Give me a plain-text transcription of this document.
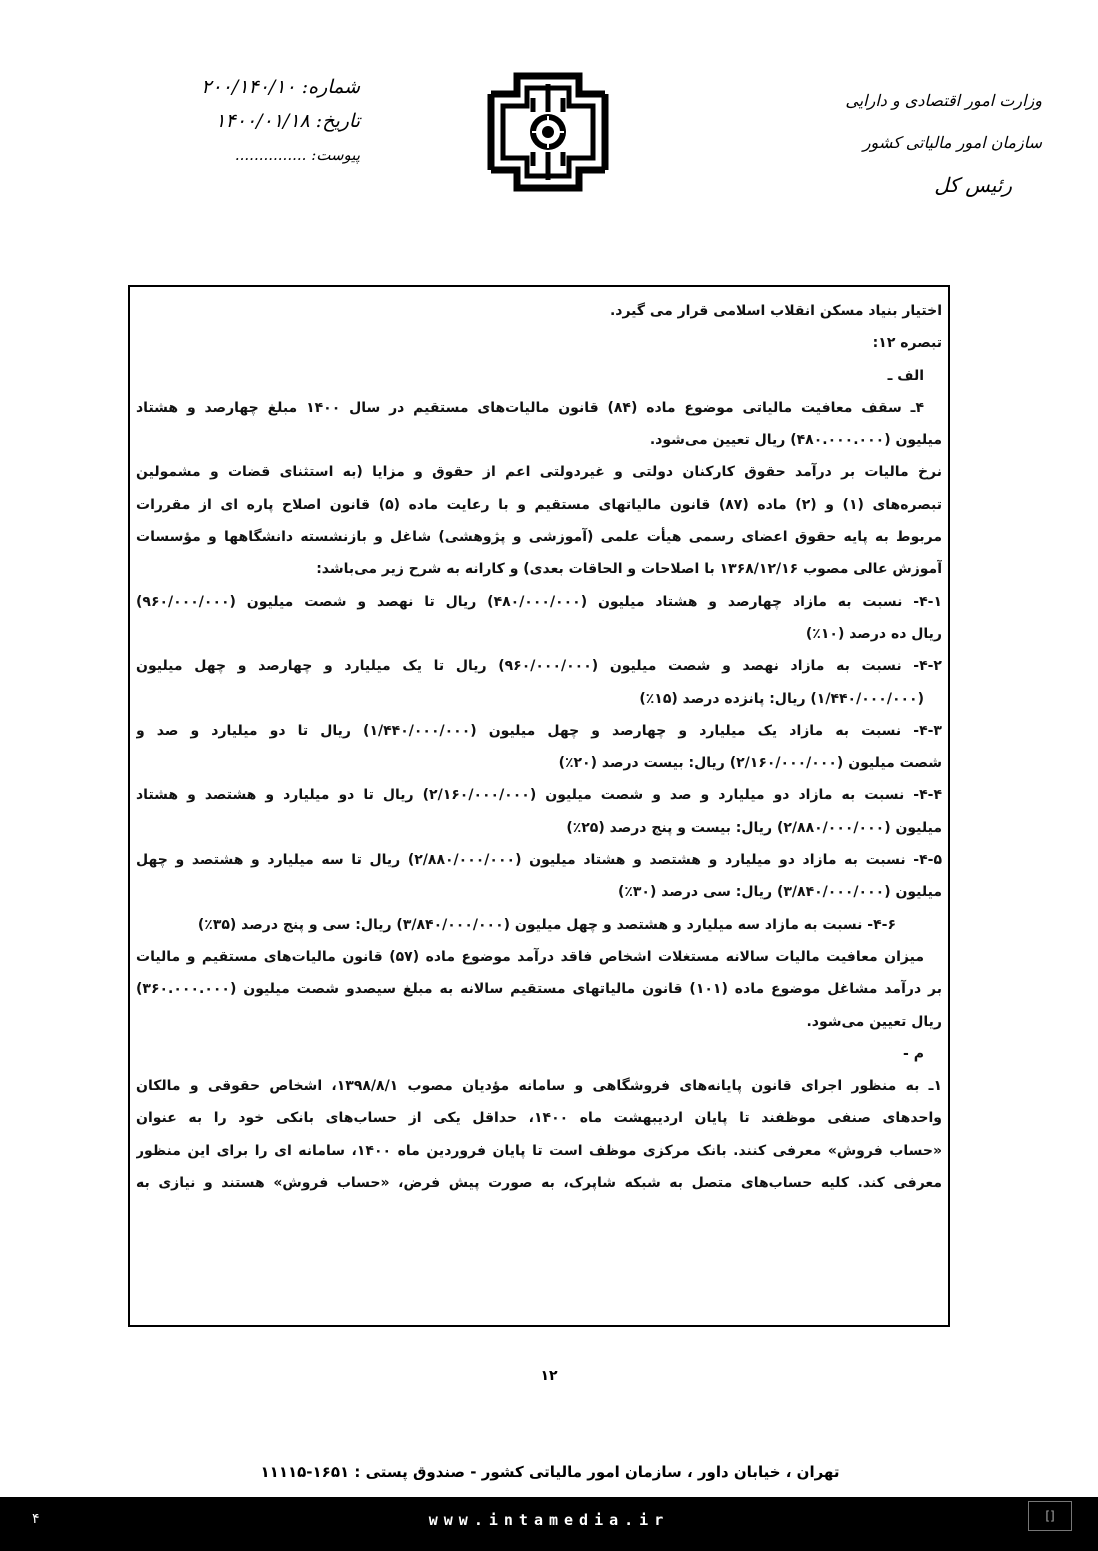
وزارت امور اقتصادی و دارایی
سازمان امور مالیاتی کشور
رئیس کل
شماره: ۲۰۰/۱۴۰/۱۰
تاریخ: ۱۴۰۰/۰۱/۱۸
پیوست: ...............
اختیار بنیاد مسکن انقلاب اسلامی قرار می گیرد.
تبصره ۱۲:
الف ـ
۴ـ سقف معافیت مالیاتی موضوع ماده (۸۴) قانون مالیات‌های مستقیم در سال ۱۴۰۰ مبلغ چهارصد و هشتاد
میلیون (۴۸۰.۰۰۰.۰۰۰) ریال تعیین می‌شود.
نرخ مالیات بر درآمد حقوق کارکنان دولتی و غیردولتی اعم از حقوق و مزایا (به استثنای قضات و مشمولین
تبصره‌های (۱) و (۲) ماده (۸۷) قانون مالیاتهای مستقیم و با رعایت ماده (۵) قانون اصلاح پاره ای از مقررات
مربوط به پایه حقوق اعضای رسمی هیأت علمی (آموزشی و پژوهشی) شاغل و بازنشسته دانشگاهها و مؤسسات
آموزش عالی مصوب ۱۳۶۸/۱۲/۱۶ با اصلاحات و الحاقات بعدی) و کارانه به شرح زیر می‌باشد:
۴-۱- نسبت به مازاد چهارصد و هشتاد میلیون (۴۸۰/۰۰۰/۰۰۰) ریال تا نهصد و شصت میلیون (۹۶۰/۰۰۰/۰۰۰)
ریال ده درصد (۱۰٪)
۴-۲- نسبت به مازاد نهصد و شصت میلیون (۹۶۰/۰۰۰/۰۰۰) ریال تا یک میلیارد و چهارصد و چهل میلیون
(۱/۴۴۰/۰۰۰/۰۰۰) ریال: پانزده درصد (۱۵٪)
۴-۳- نسبت به مازاد یک میلیارد و چهارصد و چهل میلیون (۱/۴۴۰/۰۰۰/۰۰۰) ریال تا دو میلیارد و صد و
شصت میلیون (۲/۱۶۰/۰۰۰/۰۰۰) ریال: بیست درصد (۲۰٪)
۴-۴- نسبت به مازاد دو میلیارد و صد و شصت میلیون (۲/۱۶۰/۰۰۰/۰۰۰) ریال تا دو میلیارد و هشتصد و هشتاد
میلیون (۲/۸۸۰/۰۰۰/۰۰۰) ریال: بیست و پنج درصد (۲۵٪)
۴-۵- نسبت به مازاد دو میلیارد و هشتصد و هشتاد میلیون (۲/۸۸۰/۰۰۰/۰۰۰) ریال تا سه میلیارد و هشتصد و چهل
میلیون (۳/۸۴۰/۰۰۰/۰۰۰) ریال: سی درصد (۳۰٪)
۴-۶- نسبت به مازاد سه میلیارد و هشتصد و چهل میلیون (۳/۸۴۰/۰۰۰/۰۰۰) ریال: سی و پنج درصد (۳۵٪)
میزان معافیت مالیات سالانه مستغلات اشخاص فاقد درآمد موضوع ماده (۵۷) قانون مالیات‌های مستقیم و مالیات
بر درآمد مشاغل موضوع ماده (۱۰۱) قانون مالیاتهای مستقیم سالانه به مبلغ سیصدو شصت میلیون (۳۶۰.۰۰۰.۰۰۰)
ریال تعیین می‌شود.
م -
۱ـ به منظور اجرای قانون پایانه‌های فروشگاهی و سامانه مؤدیان مصوب ۱۳۹۸/۸/۱، اشخاص حقوقی و مالکان
واحدهای صنفی موظفند تا پایان اردیبهشت ماه ۱۴۰۰، حداقل یکی از حساب‌های بانکی خود را به عنوان
«حساب فروش» معرفی کنند. بانک مرکزی موظف است تا پایان فروردین ماه ۱۴۰۰، سامانه ای را برای این منظور
معرفی کند. کلیه حساب‌های متصل به شبکه شاپرک، به صورت پیش فرض، «حساب فروش» هستند و نیازی به
۱۲
تهران ، خیابان داور ، سازمان امور مالیاتی کشور - صندوق پستی : ۱۶۵۱-۱۱۱۱۵
۴	www.intamedia.ir	[]
